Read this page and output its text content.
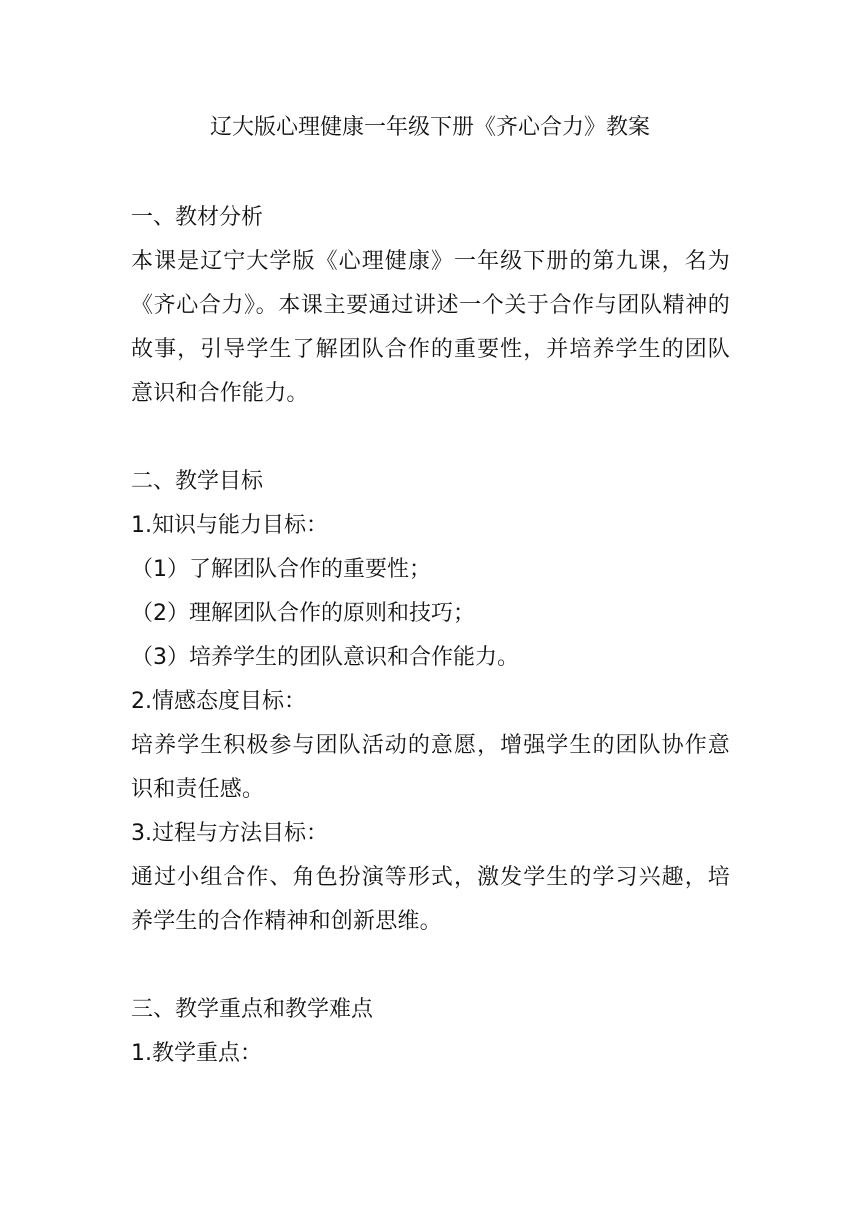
辽大版心理健康一年级下册《齐心合力》教案
一、教材分析
本课是辽宁大学版《心理健康》一年级下册的第九课，名为《齐心合力》。本课主要通过讲述一个关于合作与团队精神的故事，引导学生了解团队合作的重要性，并培养学生的团队意识和合作能力。
二、教学目标
1.知识与能力目标：
（1）了解团队合作的重要性；
（2）理解团队合作的原则和技巧；
（3）培养学生的团队意识和合作能力。
2.情感态度目标：
培养学生积极参与团队活动的意愿，增强学生的团队协作意识和责任感。
3.过程与方法目标：
通过小组合作、角色扮演等形式，激发学生的学习兴趣，培养学生的合作精神和创新思维。
三、教学重点和教学难点
1.教学重点：
